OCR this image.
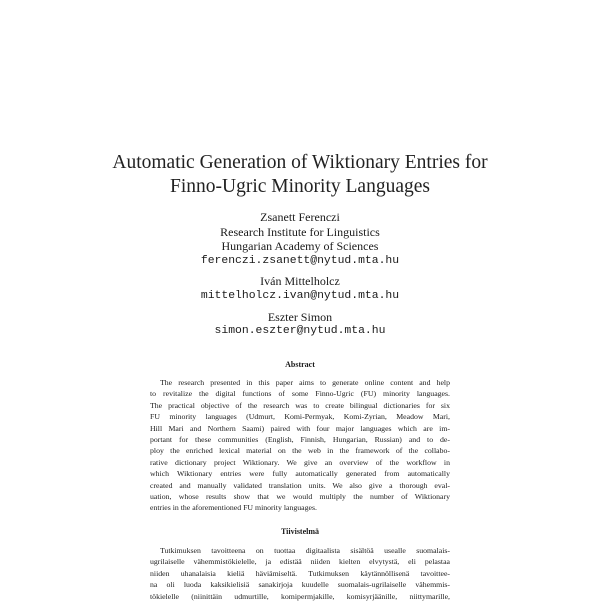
Automatic Generation of Wiktionary Entries for
Finno-Ugric Minority Languages
Zsanett Ferenczi
Research Institute for Linguistics
Hungarian Academy of Sciences
ferenczi.zsanett@nytud.mta.hu
Iván Mittelholcz
mittelholcz.ivan@nytud.mta.hu
Eszter Simon
simon.eszter@nytud.mta.hu
Abstract
The research presented in this paper aims to generate online content and help
to revitalize the digital functions of some Finno-Ugric (FU) minority languages.
The practical objective of the research was to create bilingual dictionaries for six
FU minority languages (Udmurt, Komi-Permyak, Komi-Zyrian, Meadow Mari,
Hill Mari and Northern Saami) paired with four major languages which are im-
portant for these communities (English, Finnish, Hungarian, Russian) and to de-
ploy the enriched lexical material on the web in the framework of the collabo-
rative dictionary project Wiktionary. We give an overview of the workflow in
which Wiktionary entries were fully automatically generated from automatically
created and manually validated translation units. We also give a thorough eval-
uation, whose results show that we would multiply the number of Wiktionary
entries in the aforementioned FU minority languages.
Tiivistelmä
Tutkimuksen tavoitteena on tuottaa digitaalista sisältöä usealle suomalais-
ugrilaiselle vähemmistökielelle, ja edistää niiden kielten elvytystä, eli pelastaa
niiden uhanalaisia kieliä häviämiseltä. Tutkimuksen käytännöllisenä tavoittee-
na oli luoda kaksikielisiä sanakirjoja kuudelle suomalais-ugrilaiselle vähemmis-
tökielelle (niinittäin udmurtille, komipermjakille, komisyrjäänille, niittymarille,
